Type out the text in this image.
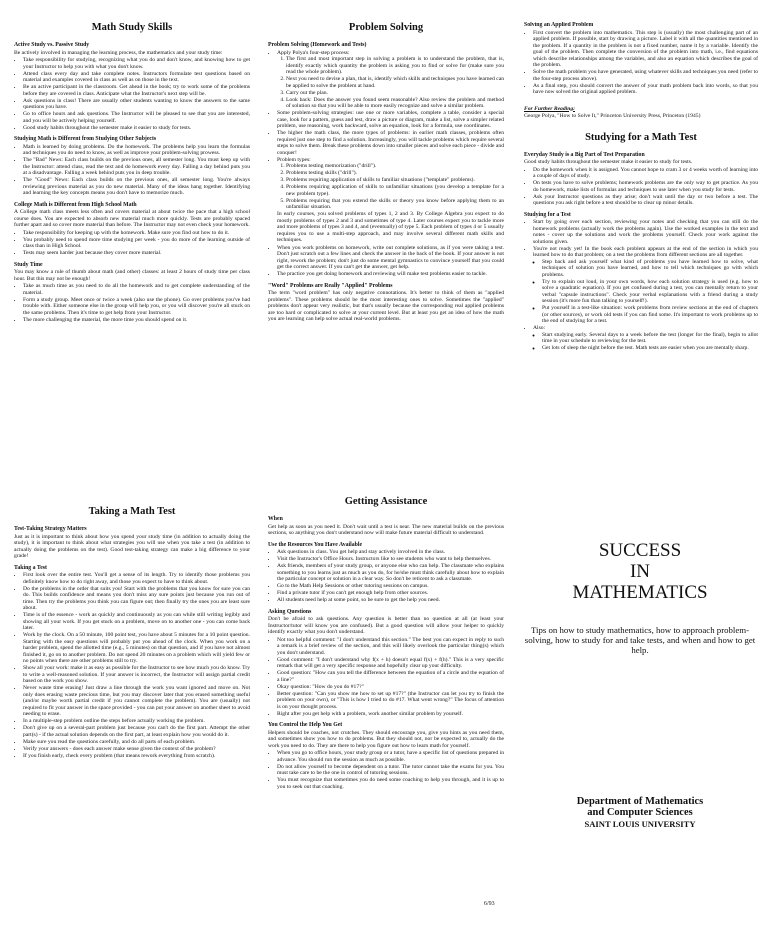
Math Study Skills
Active Study vs. Passive Study

Be actively involved in managing the learning process, the mathematics and your study time:

• Take responsibility for studying, recognizing what you do and don't know, and knowing how to get your Instructor to help you with what you don't know.
• Attend class every day and take complete notes. Instructors formulate test questions based on material and examples covered in class as well as on those in the text.
• Be an active participant in the classroom. Get ahead in the book; try to work some of the problems before they are covered in class. Anticipate what the Instructor's next step will be.
• Ask questions in class! There are usually other students wanting to know the answers to the same questions you have.
• Go to office hours and ask questions. The Instructor will be pleased to see that you are interested, and you will be actively helping yourself.
• Good study habits throughout the semester make it easier to study for tests.
Studying Math is Different from Studying Other Subjects
• Math is learned by doing problems. Do the homework. The problems help you learn the formulas and techniques you do need to know, as well as improve your problem-solving prowess.
• The "Bad" News: Each class builds on the previous ones, all semester long. You must keep up with the Instructor: attend class, read the text and do homework every day. Falling a day behind puts you at a disadvantage. Falling a week behind puts you in deep trouble.
• The "Good" News: Each class builds on the previous ones, all semester long. You're always reviewing previous material as you do new material. Many of the ideas hang together. Identifying and learning the key concepts means you don't have to memorize much.
College Math is Different from High School Math

A College math class meets less often and covers material at about twice the pace that a high school course does. You are expected to absorb new material much more quickly. Tests are probably spaced further apart and so cover more material than before. The Instructor may not even check your homework.

• Take responsibility for keeping up with the homework. Make sure you find out how to do it.
• You probably need to spend more time studying per week - you do more of the learning outside of class than in High School.
• Tests may seem harder just because they cover more material.
Study Time

You may know a rule of thumb about math (and other) classes: at least 2 hours of study time per class hour. But this may not be enough!

• Take as much time as you need to do all the homework and to get complete understanding of the material.
• Form a study group. Meet once or twice a week (also use the phone). Go over problems you've had trouble with. Either someone else in the group will help you, or you will discover you're all stuck on the same problems. Then it's time to get help from your Instructor.
• The more challenging the material, the more time you should spend on it.
Problem Solving
Problem Solving (Homework and Tests)
• Apply Polya's four-step process:
1. The first and most important step in solving a problem is to understand the problem, that is, identify exactly which quantity the problem is asking you to find or solve for (make sure you read the whole problem).
2. Next you need to devise a plan, that is, identify which skills and techniques you have learned can be applied to solve the problem at hand.
3. Carry out the plan.
4. Look back: Does the answer you found seem reasonable? Also review the problem and method of solution so that you will be able to more easily recognize and solve a similar problem.
• Some problem-solving strategies: use one or more variables, complete a table, consider a special case, look for a pattern, guess and test, draw a picture or diagram, make a list, solve a simpler related problem, use reasoning, work backward, solve an equation, look for a formula, use coordinates.
• The higher the math class, the more types of problems: in earlier math classes, problems often required just one step to find a solution. Increasingly, you will tackle problems which require several steps to solve them. Break these problems down into smaller pieces and solve each piece - divide and conquer!
• Problem types:
1. Problems testing memorization ("drill").
2. Problems testing skills ("drill").
3. Problems requiring application of skills to familiar situations ("template" problems).
4. Problems requiring application of skills to unfamiliar situations (you develop a template for a new problem type).
5. Problems requiring that you extend the skills or theory you know before applying them to an unfamiliar situation.

In early courses, you solved problems of types 1, 2 and 3. By College Algebra you expect to do mostly problems of types 2 and 3 and sometimes of type 4. Later courses expect you to tackle more and more problems of types 3 and 4, and (eventually) of type 5. Each problem of types 4 or 5 usually requires you to use a multi-step approach, and may involve several different math skills and techniques.

• When you work problems on homework, write out complete solutions, as if you were taking a test. Don't just scratch out a few lines and check the answer in the back of the book. If your answer is not right, rework the problem; don't just do some mental gymnastics to convince yourself that you could get the correct answer. If you can't get the answer, get help.
• The practice you get doing homework and reviewing will make test problems easier to tackle.
"Word" Problems are Really "Applied" Problems

The term "word problem" has only negative connotations. It's better to think of them as "applied problems". These problems should be the most interesting ones to solve. Sometimes the "applied" problems don't appear very realistic, but that's usually because the corresponding real applied problems are too hard or complicated to solve at your current level. But at least you get an idea of how the math you are learning can help solve actual real-world problems.

Solving an Applied Problem
• First convert the problem into mathematics. This step is (usually) the most challenging part of an applied problem. If possible, start by drawing a picture. Label it with all the quantities mentioned in the problem. If a quantity in the problem is not a fixed number, name it by a variable. Identify the goal of the problem. Then complete the conversion of the problem into math, i.e., find equations which describe relationships among the variables, and also an equation which describes the goal of the problem.
• Solve the math problem you have generated, using whatever skills and techniques you need (refer to the four-step process above).
• As a final step, you should convert the answer of your math problem back into words, so that you have now solved the original applied problem.

For Further Reading:

George Polya, "How to Solve It," Princeton University Press, Princeton (1945)

Studying for a Math Test
Everyday Study is a Big Part of Test Preparation

Good study habits throughout the semester make it easier to study for tests.

• Do the homework when it is assigned. You cannot hope to cram 3 or 4 weeks worth of learning into a couple of days of study.
• On tests you have to solve problems; homework problems are the only way to get practice. As you do homework, make lists of formulas and techniques to use later when you study for tests.
• Ask your Instructor questions as they arise; don't wait until the day or two before a test. The questions you ask right before a test should be to clear up minor details.
Studying for a Test
• Start by going over each section, reviewing your notes and checking that you can still do the homework problems (actually work the problems again). Use the worked examples in the text and notes - cover up the solutions and work the problems yourself. Check your work against the solutions given.
• You're not ready yet! In the book each problem appears at the end of the section in which you learned how to do that problem; on a test the problems from different sections are all together.
◦ Step back and ask yourself what kind of problems you have learned how to solve, what techniques of solution you have learned, and how to tell which techniques go with which problems.
◦ Try to explain out loud, in your own words, how each solution strategy is used (e.g. how to solve a quadratic equation). If you get confused during a test, you can mentally return to your verbal "capsule instructions". Check your verbal explanations with a friend during a study session (it's more fun than talking to yourself!).
◦ Put yourself in a test-like situation: work problems from review sections at the end of chapters (or other sources), or work old tests if you can find some. It's important to work problems up to the end of studying for a test.
• Also:
◦ Start studying early. Several days to a week before the test (longer for the final), begin to allot time in your schedule to reviewing for the test.
◦ Get lots of sleep the night before the test. Math tests are easier when you are mentally sharp.
Taking a Math Test
Test-Taking Strategy Matters

Just as it is important to think about how you spend your study time (in addition to actually doing the study), it is important to think about what strategies you will use when you take a test (in addition to actually doing the problems on the test). Good test-taking strategy can make a big difference to your grade!

Taking a Test
• First look over the entire test. You'll get a sense of its length. Try to identify those problems you definitely know how to do right away, and those you expect to have to think about.
• Do the problems in the order that suits you! Start with the problems that you know for sure you can do. This builds confidence and means you don't miss any sure points just because you run out of time. Then try the problems you think you can figure out; then finally try the ones you are least sure about.
• Time is of the essence - work as quickly and continuously as you can while still writing legibly and showing all your work. If you get stuck on a problem, move on to another one - you can come back later.
• Work by the clock. On a 50 minute, 100 point test, you have about 5 minutes for a 10 point question. Starting with the easy questions will probably put you ahead of the clock. When you work on a harder problem, spend the allotted time (e.g., 5 minutes) on that question, and if you have not almost finished it, go on to another problem. Do not spend 20 minutes on a problem which will yield few or no points when there are other problems still to try.
• Show all your work: make it as easy as possible for the Instructor to see how much you do know. Try to write a well-reasoned solution. If your answer is incorrect, the Instructor will assign partial credit based on the work you show.
• Never waste time erasing! Just draw a line through the work you want ignored and move on. Not only does erasing waste precious time, but you may discover later that you erased something useful (and/or maybe worth partial credit if you cannot complete the problem). You are (usually) not required to fit your answer in the space provided - you can put your answer on another sheet to avoid needing to erase.
• In a multiple-step problem outline the steps before actually working the problem.
• Don't give up on a several-part problem just because you can't do the first part. Attempt the other part(s) - if the actual solution depends on the first part, at least explain how you would do it.
• Make sure you read the questions carefully, and do all parts of each problem.
• Verify your answers - does each answer make sense given the context of the problem?
• If you finish early, check every problem (that means rework everything from scratch).
Getting Assistance
When

Get help as soon as you need it. Don't wait until a test is near. The new material builds on the previous sections, so anything you don't understand now will make future material difficult to understand.

Use the Resources You Have Available
• Ask questions in class. You get help and stay actively involved in the class.
• Visit the Instructor's Office Hours. Instructors like to see students who want to help themselves.
• Ask friends, members of your study group, or anyone else who can help. The classmate who explains something to you learns just as much as you do, for he/she must think carefully about how to explain the particular concept or solution in a clear way. So don't be reticent to ask a classmate.
• Go to the Math Help Sessions or other tutoring sessions on campus.
• Find a private tutor if you can't get enough help from other sources.
• All students need help at some point, so be sure to get the help you need.
Asking Questions

Don't be afraid to ask questions. Any question is better than no question at all (at least your Instructor/tutor will know you are confused). But a good question will allow your helper to quickly identify exactly what you don't understand.

• Not too helpful comment: "I don't understand this section." The best you can expect in reply to such a remark is a brief review of the section, and this will likely overlook the particular thing(s) which you don't understand.
• Good comment: "I don't understand why f(x + h) doesn't equal f(x) + f(h)." This is a very specific remark that will get a very specific response and hopefully clear up your difficulty.
• Good question: "How can you tell the difference between the equation of a circle and the equation of a line?"
• Okay question: "How do you do #17?"
• Better question: "Can you show me how to set up #17?" (the Instructor can let you try to finish the problem on your own), or "This is how I tried to do #17. What went wrong?" The focus of attention is on your thought process.
• Right after you get help with a problem, work another similar problem by yourself.
You Control the Help You Get

Helpers should be coaches, not crutches. They should encourage you, give you hints as you need them, and sometimes show you how to do problems. But they should not, nor be expected to, actually do the work you need to do. They are there to help you figure out how to learn math for yourself.

• When you go to office hours, your study group or a tutor, have a specific list of questions prepared in advance. You should run the session as much as possible.
• Do not allow yourself to become dependent on a tutor. The tutor cannot take the exams for you. You must take care to be the one in control of tutoring sessions.
• You must recognize that sometimes you do need some coaching to help you through, and it is up to you to seek out that coaching.
SUCCESS
IN
MATHEMATICS
Tips on how to study mathematics, how to approach problem-solving, how to study for and take tests, and when and how to get help.
Department of Mathematics
and Computer Sciences
SAINT LOUIS UNIVERSITY
6/93
